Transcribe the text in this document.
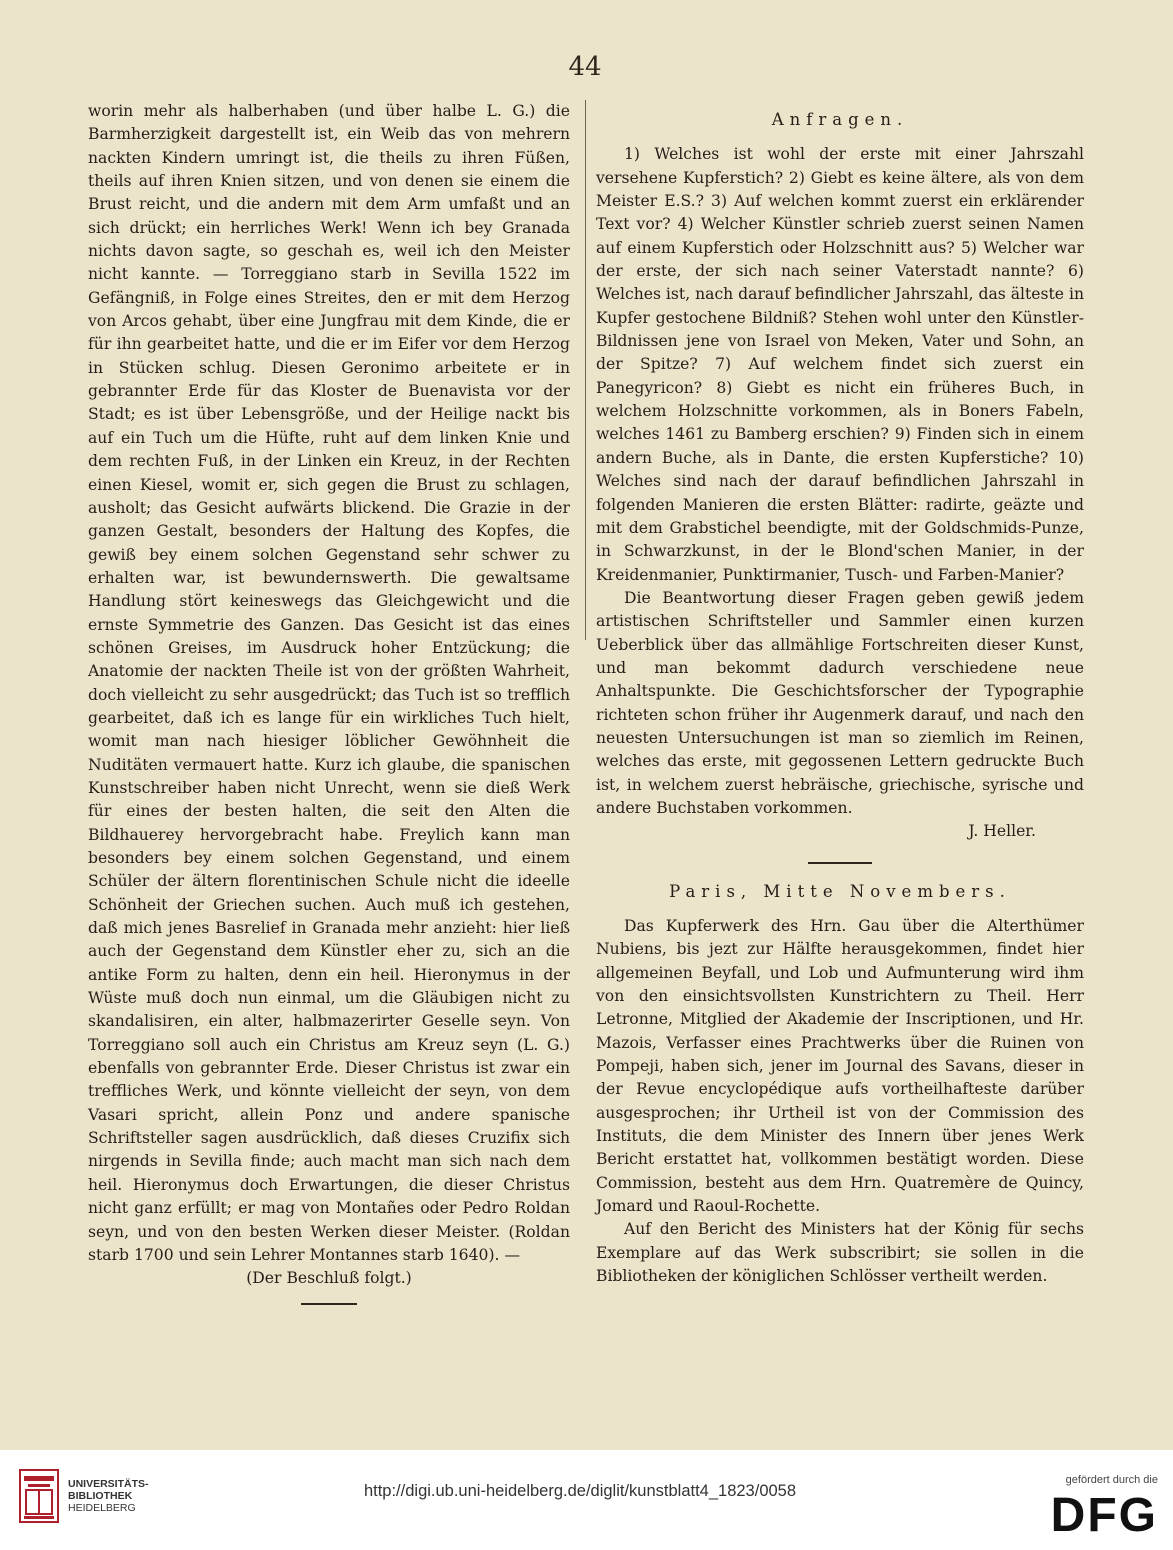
44

worin mehr als halberhaben (und über halbe L. G.) die Barmherzigkeit dargestellt ist, ein Weib das von mehrern nackten Kindern umringt ist, die theils zu ihren Füßen, theils auf ihren Knien sitzen, und von denen sie einem die Brust reicht, und die andern mit dem Arm umfaßt und an sich drückt; ein herrliches Werk! Wenn ich bey Granada nichts davon sagte, so geschah es, weil ich den Meister nicht kannte. — Torreggiano starb in Sevilla 1522 im Gefängniß, in Folge eines Streites, den er mit dem Herzog von Arcos gehabt, über eine Jungfrau mit dem Kinde, die er für ihn gearbeitet hatte, und die er im Eifer vor dem Herzog in Stücken schlug. Diesen Geronimo arbeitete er in gebrannter Erde für das Kloster de Buenavista vor der Stadt; es ist über Lebensgröße, und der Heilige nackt bis auf ein Tuch um die Hüfte, ruht auf dem linken Knie und dem rechten Fuß, in der Linken ein Kreuz, in der Rechten einen Kiesel, womit er, sich gegen die Brust zu schlagen, ausholt; das Gesicht aufwärts blickend. Die Grazie in der ganzen Gestalt, besonders der Haltung des Kopfes, die gewiß bey einem solchen Gegenstand sehr schwer zu erhalten war, ist bewundernswerth. Die gewaltsame Handlung stört keineswegs das Gleichgewicht und die ernste Symmetrie des Ganzen. Das Gesicht ist das eines schönen Greises, im Ausdruck hoher Entzückung; die Anatomie der nackten Theile ist von der größten Wahrheit, doch vielleicht zu sehr ausgedrückt; das Tuch ist so trefflich gearbeitet, daß ich es lange für ein wirkliches Tuch hielt, womit man nach hiesiger löblicher Gewöhnheit die Nuditäten vermauert hatte. Kurz ich glaube, die spanischen Kunstschreiber haben nicht Unrecht, wenn sie dieß Werk für eines der besten halten, die seit den Alten die Bildhauerey hervorgebracht habe. Freylich kann man besonders bey einem solchen Gegenstand, und einem Schüler der ältern florentinischen Schule nicht die ideelle Schönheit der Griechen suchen. Auch muß ich gestehen, daß mich jenes Basrelief in Granada mehr anzieht: hier ließ auch der Gegenstand dem Künstler eher zu, sich an die antike Form zu halten, denn ein heil. Hieronymus in der Wüste muß doch nun einmal, um die Gläubigen nicht zu skandalisiren, ein alter, halbmazerirter Geselle seyn. Von Torreggiano soll auch ein Christus am Kreuz seyn (L. G.) ebenfalls von gebrannter Erde. Dieser Christus ist zwar ein treffliches Werk, und könnte vielleicht der seyn, von dem Vasari spricht, allein Ponz und andere spanische Schriftsteller sagen ausdrücklich, daß dieses Cruzifix sich nirgends in Sevilla finde; auch macht man sich nach dem heil. Hieronymus doch Erwartungen, die dieser Christus nicht ganz erfüllt; er mag von Montañes oder Pedro Roldan seyn, und von den besten Werken dieser Meister. (Roldan starb 1700 und sein Lehrer Montannes starb 1640). —

(Der Beschluß folgt.)

Anfragen.

1) Welches ist wohl der erste mit einer Jahrszahl versehene Kupferstich? 2) Giebt es keine ältere, als von dem Meister E.S.? 3) Auf welchen kommt zuerst ein erklärender Text vor? 4) Welcher Künstler schrieb zuerst seinen Namen auf einem Kupferstich oder Holzschnitt aus? 5) Welcher war der erste, der sich nach seiner Vaterstadt nannte? 6) Welches ist, nach darauf befindlicher Jahrszahl, das älteste in Kupfer gestochene Bildniß? Stehen wohl unter den Künstler-Bildnissen jene von Israel von Meken, Vater und Sohn, an der Spitze? 7) Auf welchem findet sich zuerst ein Panegyricon? 8) Giebt es nicht ein früheres Buch, in welchem Holzschnitte vorkommen, als in Boners Fabeln, welches 1461 zu Bamberg erschien? 9) Finden sich in einem andern Buche, als in Dante, die ersten Kupferstiche? 10) Welches sind nach der darauf befindlichen Jahrszahl in folgenden Manieren die ersten Blätter: radirte, geäzte und mit dem Grabstichel beendigte, mit der Goldschmids-Punze, in Schwarzkunst, in der le Blond'schen Manier, in der Kreidenmanier, Punktirmanier, Tusch- und Farben-Manier?

Die Beantwortung dieser Fragen geben gewiß jedem artistischen Schriftsteller und Sammler einen kurzen Ueberblick über das allmählige Fortschreiten dieser Kunst, und man bekommt dadurch verschiedene neue Anhaltspunkte. Die Geschichtsforscher der Typographie richteten schon früher ihr Augenmerk darauf, und nach den neuesten Untersuchungen ist man so ziemlich im Reinen, welches das erste, mit gegossenen Lettern gedruckte Buch ist, in welchem zuerst hebräische, griechische, syrische und andere Buchstaben vorkommen.

J. Heller.

Paris, Mitte Novembers.

Das Kupferwerk des Hrn. Gau über die Alterthümer Nubiens, bis jezt zur Hälfte herausgekommen, findet hier allgemeinen Beyfall, und Lob und Aufmunterung wird ihm von den einsichtsvollsten Kunstrichtern zu Theil. Herr Letronne, Mitglied der Akademie der Inscriptionen, und Hr. Mazois, Verfasser eines Prachtwerks über die Ruinen von Pompeji, haben sich, jener im Journal des Savans, dieser in der Revue encyclopédique aufs vortheilhafteste darüber ausgesprochen; ihr Urtheil ist von der Commission des Instituts, die dem Minister des Innern über jenes Werk Bericht erstattet hat, vollkommen bestätigt worden. Diese Commission, besteht aus dem Hrn. Quatremère de Quincy, Jomard und Raoul-Rochette.

Auf den Bericht des Ministers hat der König für sechs Exemplare auf das Werk subscribirt; sie sollen in die Bibliotheken der königlichen Schlösser vertheilt werden.

UNIVERSITÄTS-
BIBLIOTHEK
HEIDELBERG
http://digi.ub.uni-heidelberg.de/diglit/kunstblatt4_1823/0058
gefördert durch die
DFG
